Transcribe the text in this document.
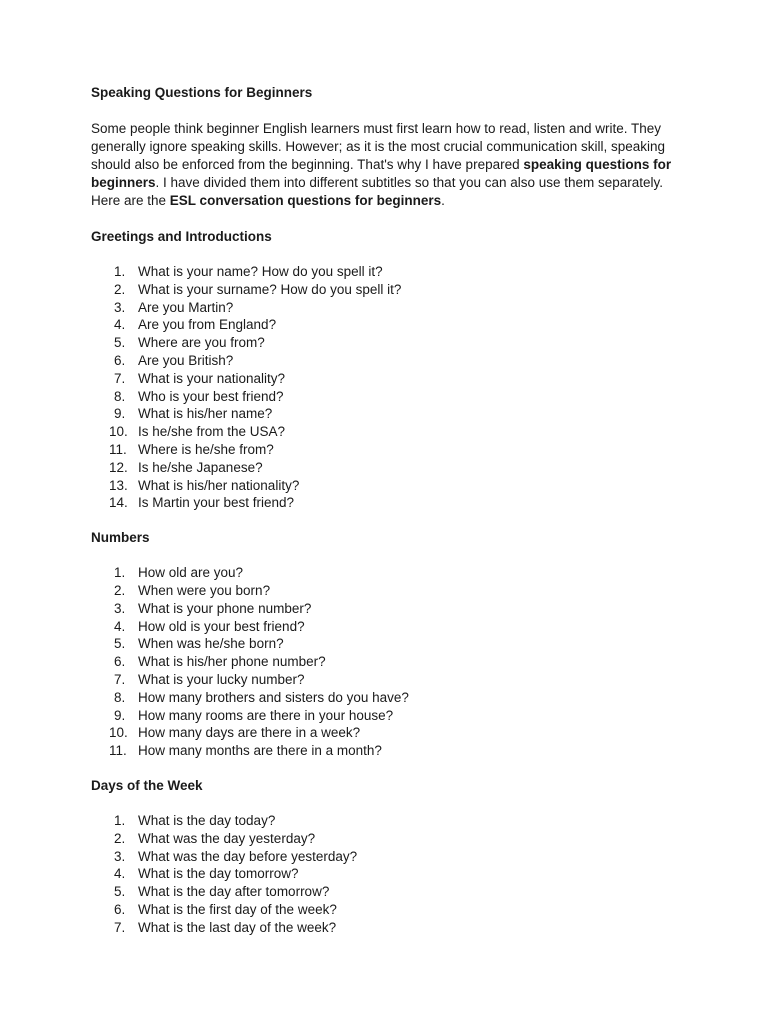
Speaking Questions for Beginners

Some people think beginner English learners must first learn how to read, listen and write. They generally ignore speaking skills. However; as it is the most crucial communication skill, speaking should also be enforced from the beginning. That's why I have prepared speaking questions for beginners. I have divided them into different subtitles so that you can also use them separately. Here are the ESL conversation questions for beginners.

Greetings and Introductions

1. What is your name? How do you spell it?
2. What is your surname? How do you spell it?
3. Are you Martin?
4. Are you from England?
5. Where are you from?
6. Are you British?
7. What is your nationality?
8. Who is your best friend?
9. What is his/her name?
10. Is he/she from the USA?
11. Where is he/she from?
12. Is he/she Japanese?
13. What is his/her nationality?
14. Is Martin your best friend?

Numbers

1. How old are you?
2. When were you born?
3. What is your phone number?
4. How old is your best friend?
5. When was he/she born?
6. What is his/her phone number?
7. What is your lucky number?
8. How many brothers and sisters do you have?
9. How many rooms are there in your house?
10. How many days are there in a week?
11. How many months are there in a month?

Days of the Week

1. What is the day today?
2. What was the day yesterday?
3. What was the day before yesterday?
4. What is the day tomorrow?
5. What is the day after tomorrow?
6. What is the first day of the week?
7. What is the last day of the week?
